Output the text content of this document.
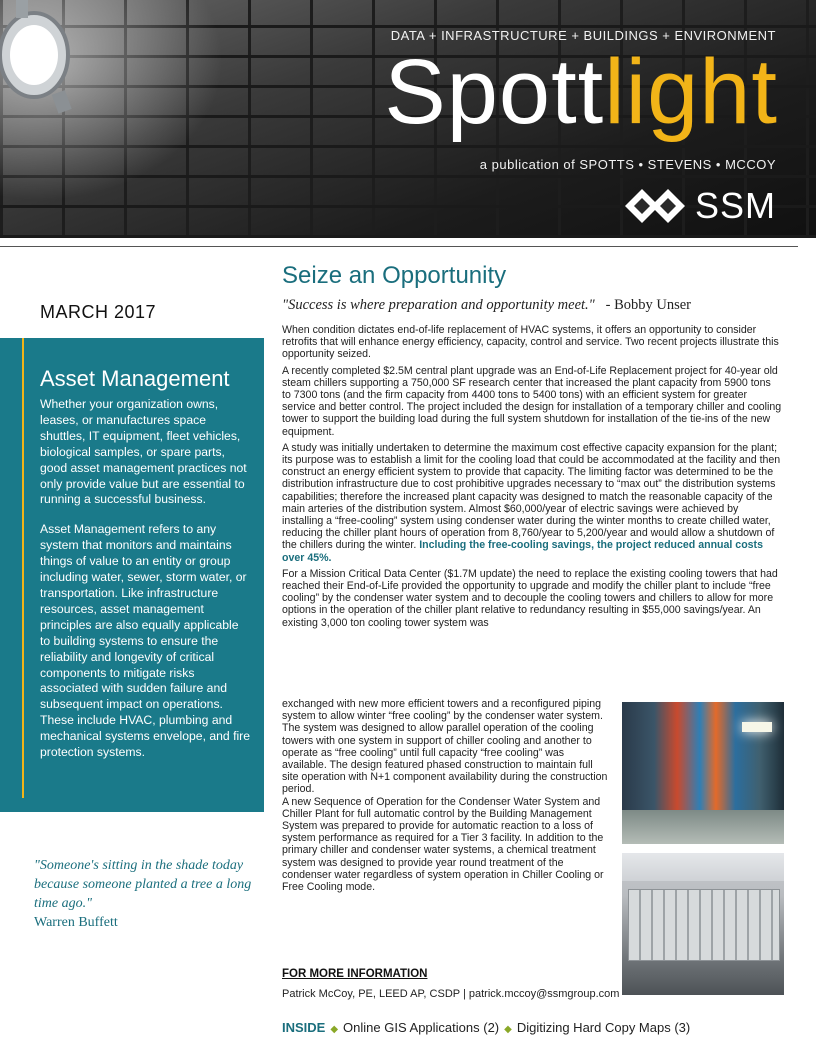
DATA + INFRASTRUCTURE + BUILDINGS + ENVIRONMENT
Spottlight
a publication of SPOTTS • STEVENS • MCCOY
SSM
MARCH 2017
Asset Management

Whether your organization owns, leases, or manufactures space shuttles, IT equipment, fleet vehicles, biological samples, or spare parts, good asset management practices not only provide value but are essential to running a successful business.

Asset Management refers to any system that monitors and maintains things of value to an entity or group including water, sewer, storm water, or transportation. Like infrastructure resources, asset management principles are also equally applicable to building systems to ensure the reliability and longevity of critical components to mitigate risks associated with sudden failure and subsequent impact on operations. These include HVAC, plumbing and mechanical systems envelope, and fire protection systems.

"Someone's sitting in the shade today because someone planted a tree a long time ago."
Warren Buffett
Seize an Opportunity
"Success is where preparation and opportunity meet."   - Bobby Unser

When condition dictates end-of-life replacement of HVAC systems, it offers an opportunity to consider retrofits that will enhance energy efficiency, capacity, control and service. Two recent projects illustrate this opportunity seized.

A recently completed $2.5M central plant upgrade was an End-of-Life Replacement project for 40-year old steam chillers supporting a 750,000 SF research center that increased the plant capacity from 5900 tons to 7300 tons (and the firm capacity from 4400 tons to 5400 tons) with an efficient system for greater service and better control. The project included the design for installation of a temporary chiller and cooling tower to support the building load during the full system shutdown for installation of the tie-ins of the new equipment.

A study was initially undertaken to determine the maximum cost effective capacity expansion for the plant; its purpose was to establish a limit for the cooling load that could be accommodated at the facility and then construct an energy efficient system to provide that capacity. The limiting factor was determined to be the distribution infrastructure due to cost prohibitive upgrades necessary to “max out” the distribution systems capabilities; therefore the increased plant capacity was designed to match the reasonable capacity of the main arteries of the distribution system. Almost $60,000/year of electric savings were achieved by installing a “free-cooling” system using condenser water during the winter months to create chilled water, reducing the chiller plant hours of operation from 8,760/year to 5,200/year and would allow a shutdown of the chillers during the winter. Including the free-cooling savings, the project reduced annual costs over 45%.

For a Mission Critical Data Center ($1.7M update) the need to replace the existing cooling towers that had reached their End-of-Life provided the opportunity to upgrade and modify the chiller plant to include “free cooling” by the condenser water system and to decouple the cooling towers and chillers to allow for more options in the operation of the chiller plant relative to redundancy resulting in $55,000 savings/year. An existing 3,000 ton cooling tower system was

exchanged with new more efficient towers and a reconfigured piping system to allow winter “free cooling” by the condenser water system. The system was designed to allow parallel operation of the cooling towers with one system in support of chiller cooling and another to operate as “free cooling” until full capacity “free cooling” was available. The design featured phased construction to maintain full site operation with N+1 component availability during the construction period.

A new Sequence of Operation for the Condenser Water System and Chiller Plant for full automatic control by the Building Management System was prepared to provide for automatic reaction to a loss of system performance as required for a Tier 3 facility. In addition to the primary chiller and condenser water systems, a chemical treatment system was designed to provide year round treatment of the condenser water regardless of system operation in Chiller Cooling or Free Cooling mode.

FOR MORE INFORMATION
Patrick McCoy, PE, LEED AP, CSDP | patrick.mccoy@ssmgroup.com
INSIDE ◆ Online GIS Applications (2) ◆ Digitizing Hard Copy Maps (3)
